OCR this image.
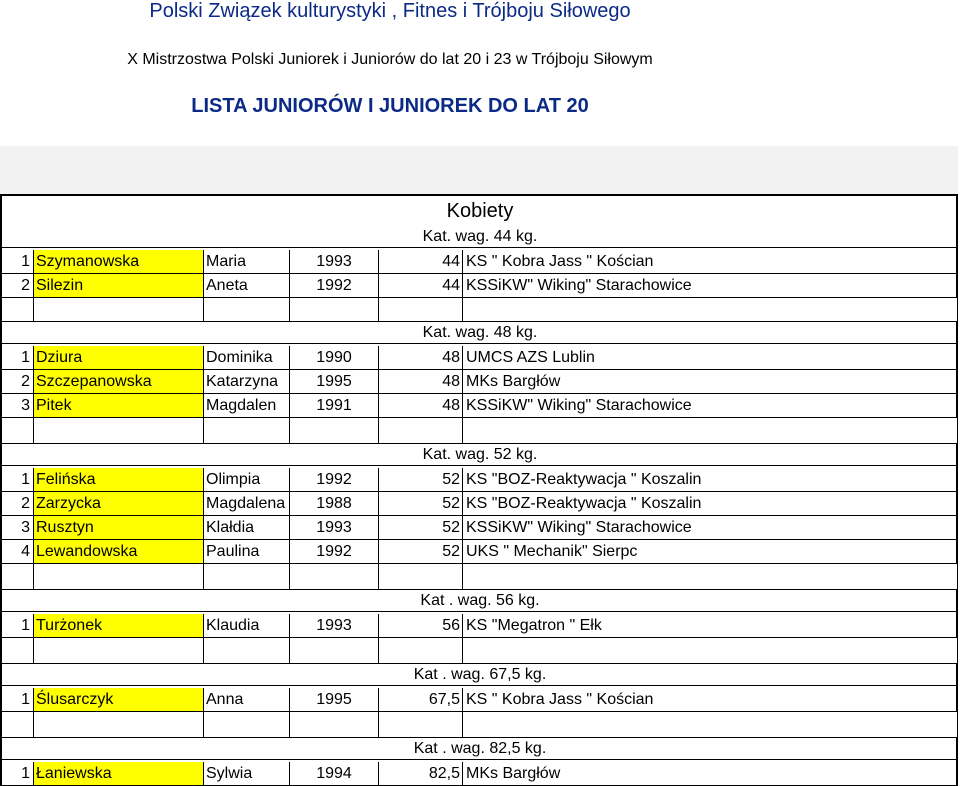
Polski Związek kulturystyki , Fitnes i Trójboju Siłowego
X Mistrzostwa Polski Juniorek i Juniorów do lat 20 i 23 w Trójboju Siłowym
LISTA JUNIORÓW I JUNIOREK DO LAT 20
Kobiety
Kat. wag. 44 kg.
1 Szymanowska	Maria	1993	44 KS " Kobra Jass " Kościan
2 Silezin	Aneta	1992	44 KSSiKW" Wiking" Starachowice
Kat. wag. 48 kg.
1 Dziura	Dominika	1990	48 UMCS AZS Lublin
2 Szczepanowska	Katarzyna	1995	48 MKs Bargłów
3 Pitek	Magdalen	1991	48 KSSiKW" Wiking" Starachowice
Kat. wag. 52 kg.
1 Felińska	Olimpia	1992	52 KS "BOZ-Reaktywacja " Koszalin
2 Zarzycka	Magdalena	1988	52 KS "BOZ-Reaktywacja " Koszalin
3 Rusztyn	Klałdia	1993	52 KSSiKW" Wiking" Starachowice
4 Lewandowska	Paulina	1992	52 UKS " Mechanik" Sierpc
Kat . wag. 56 kg.
1 Turżonek	Klaudia	1993	56 KS "Megatron " Ełk
Kat . wag. 67,5 kg.
1 Ślusarczyk	Anna	1995	67,5 KS " Kobra Jass " Kościan
Kat . wag. 82,5 kg.
1 Łaniewska	Sylwia	1994	82,5 MKs Bargłów
